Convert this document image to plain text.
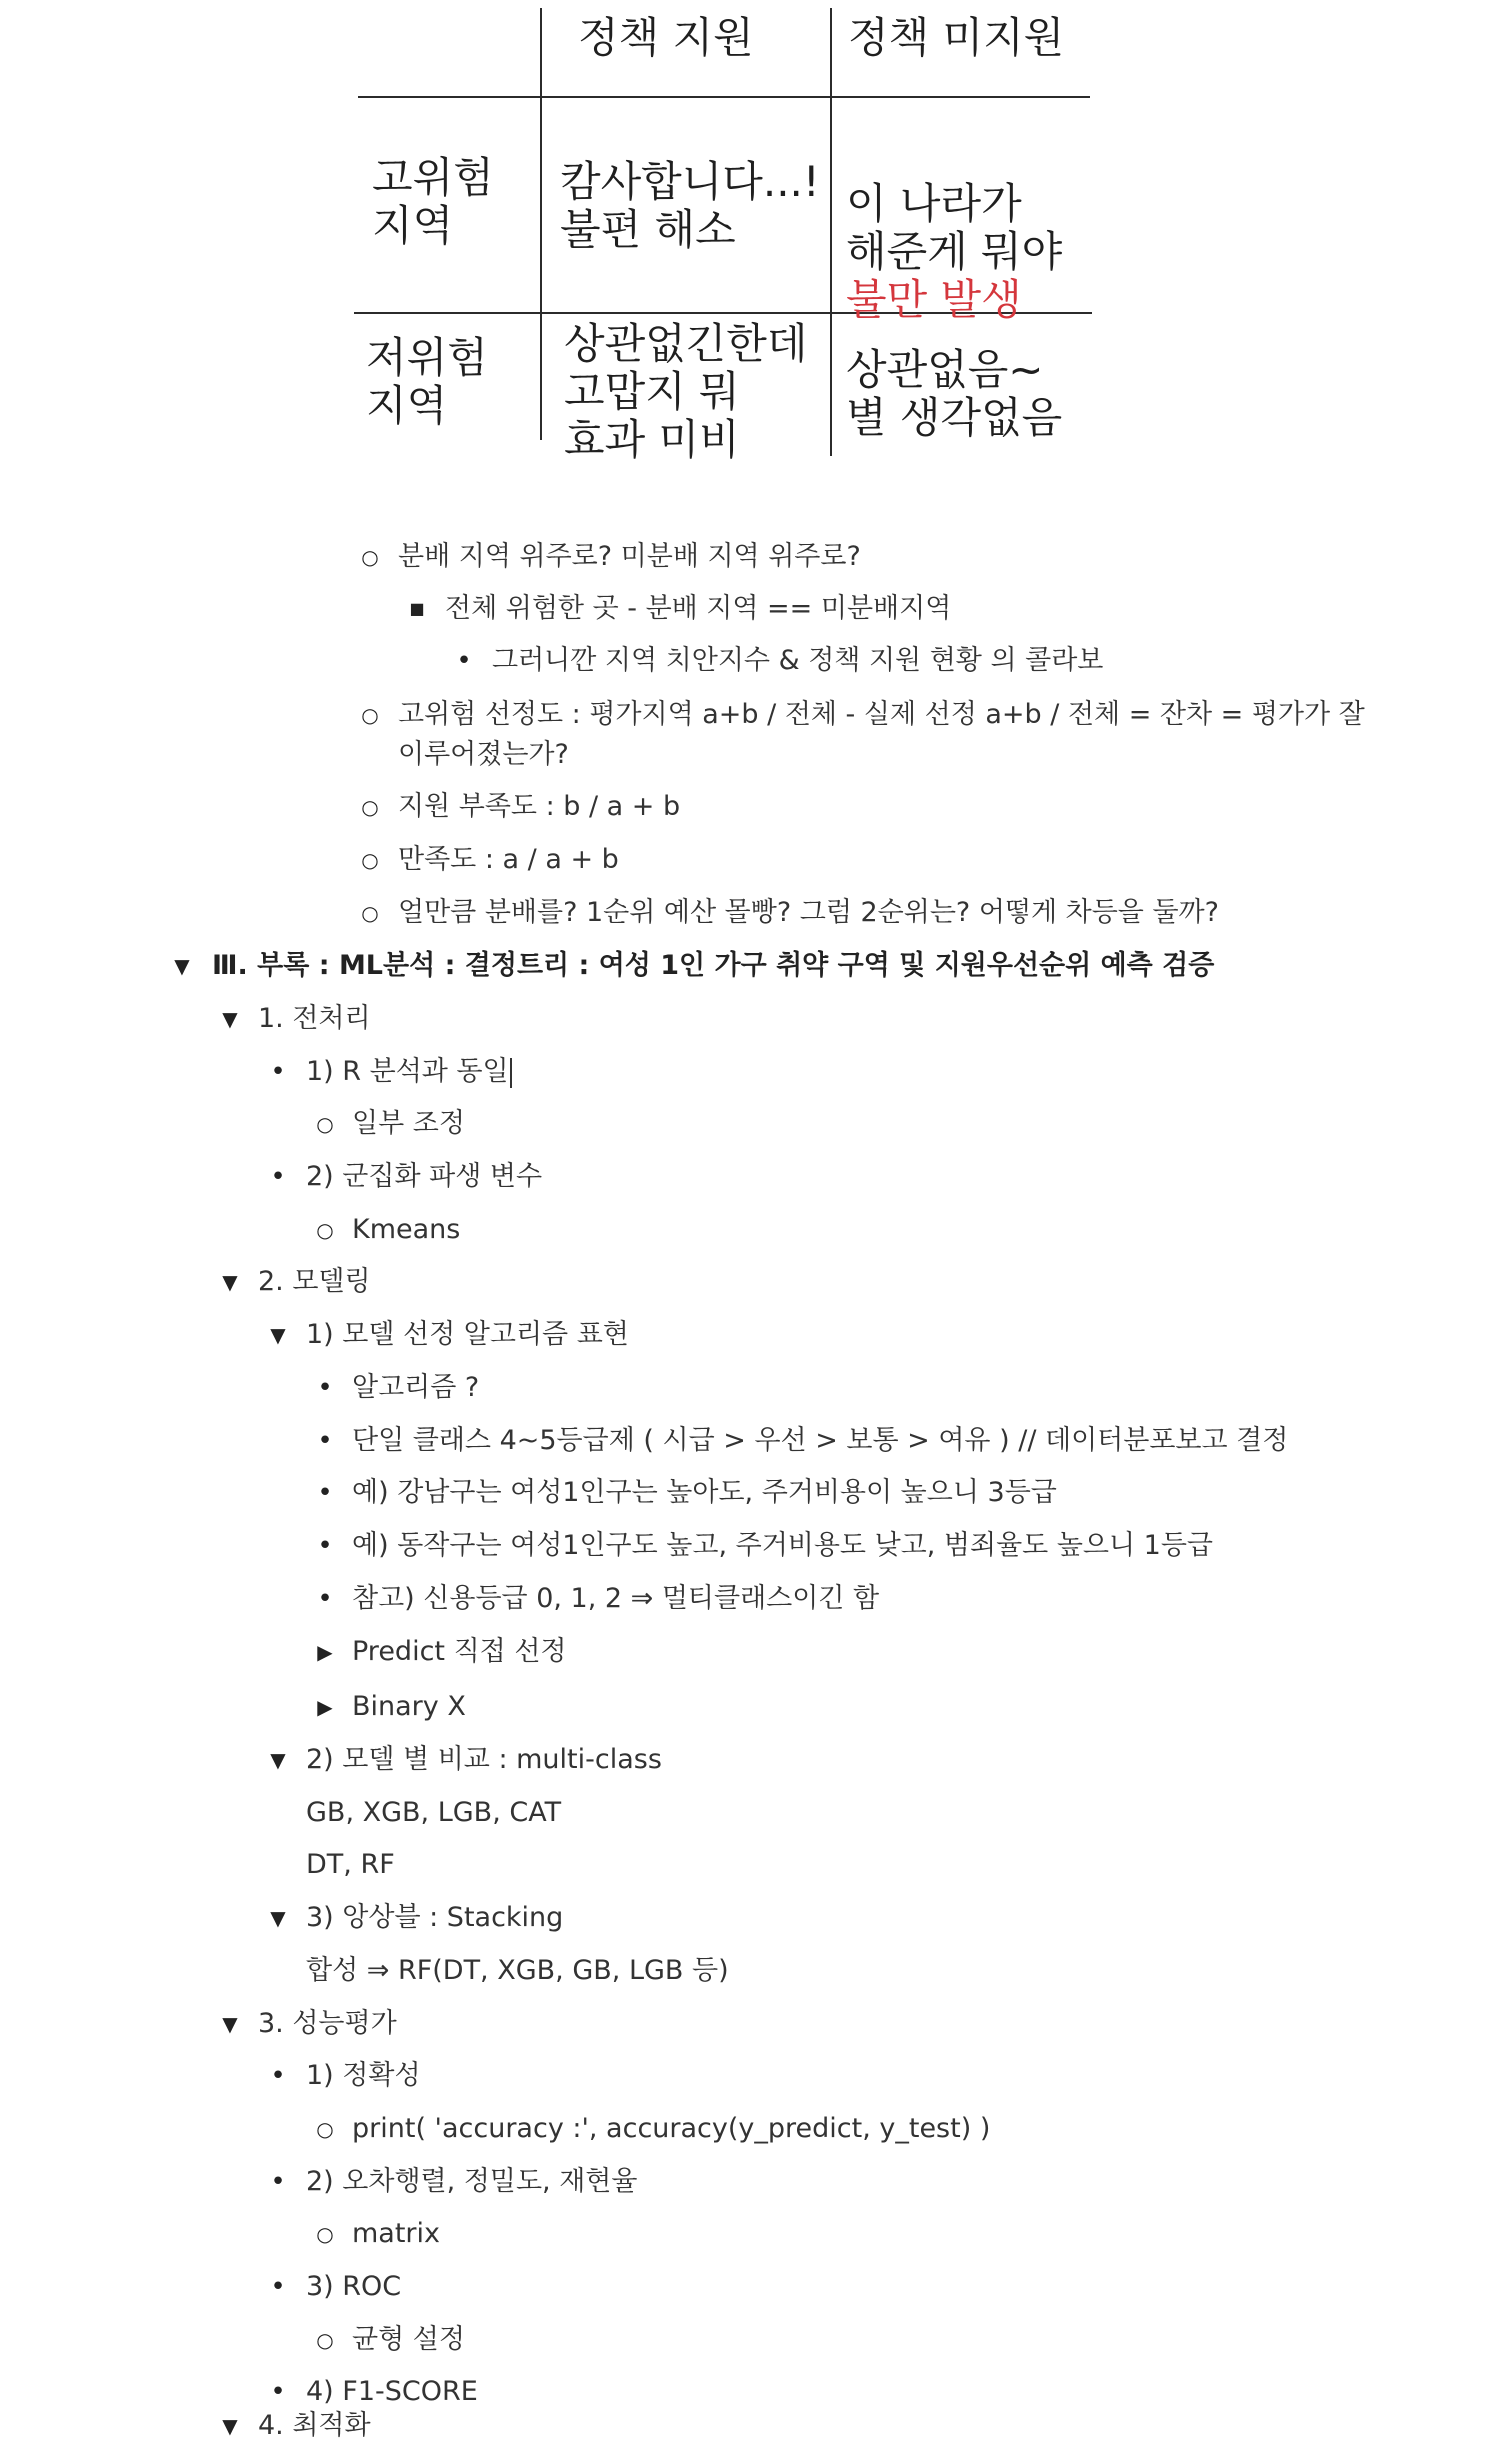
정책 지원 정책 미지원
고위험
지역
저위험
지역
캄사합니다...!
불편 해소

이 나라가
해준게 뭐야

불만 발생

상관없긴한데
고맙지 뭐
효과 미비
상관없음~
별 생각없음
○ 분배 지역 위주로? 미분배 지역 위주로?
■ 전체 위험한 곳 - 분배 지역 == 미분배지역
• 그러니깐 지역 치안지수 & 정책 지원 현황 의 콜라보
○ 고위험 선정도 : 평가지역 a+b / 전체 - 실제 선정 a+b / 전체 = 잔차 = 평가가 잘
이루어졌는가?
○ 지원 부족도 : b / a + b
○ 만족도 : a / a + b
○ 얼만큼 분배를? 1순위 예산 몰빵? 그럼 2순위는? 어떻게 차등을 둘까?
▼ Ⅲ. 부록 : ML분석 : 결정트리 : 여성 1인 가구 취약 구역 및 지원우선순위 예측 검증
▼ 1. 전처리
• 1) R 분석과 동일
○ 일부 조정
• 2) 군집화 파생 변수
○ Kmeans
▼ 2. 모델링
▼ 1) 모델 선정 알고리즘 표현
• 알고리즘 ?
• 단일 클래스 4~5등급제 ( 시급 > 우선 > 보통 > 여유 ) // 데이터분포보고 결정
• 예) 강남구는 여성1인구는 높아도, 주거비용이 높으니 3등급
• 예) 동작구는 여성1인구도 높고, 주거비용도 낮고, 범죄율도 높으니 1등급
• 참고) 신용등급 0, 1, 2 ⇒ 멀티클래스이긴 함
▶ Predict 직접 선정
▶ Binary X
▼ 2) 모델 별 비교 : multi-class
GB, XGB, LGB, CAT
DT, RF
▼ 3) 앙상블 : Stacking
합성 ⇒ RF(DT, XGB, GB, LGB 등)
▼ 3. 성능평가
• 1) 정확성
○ print( 'accuracy :', accuracy(y_predict, y_test) )
• 2) 오차행렬, 정밀도, 재현율
○ matrix
• 3) ROC
○ 균형 설정
• 4) F1-SCORE
▼ 4. 최적화
